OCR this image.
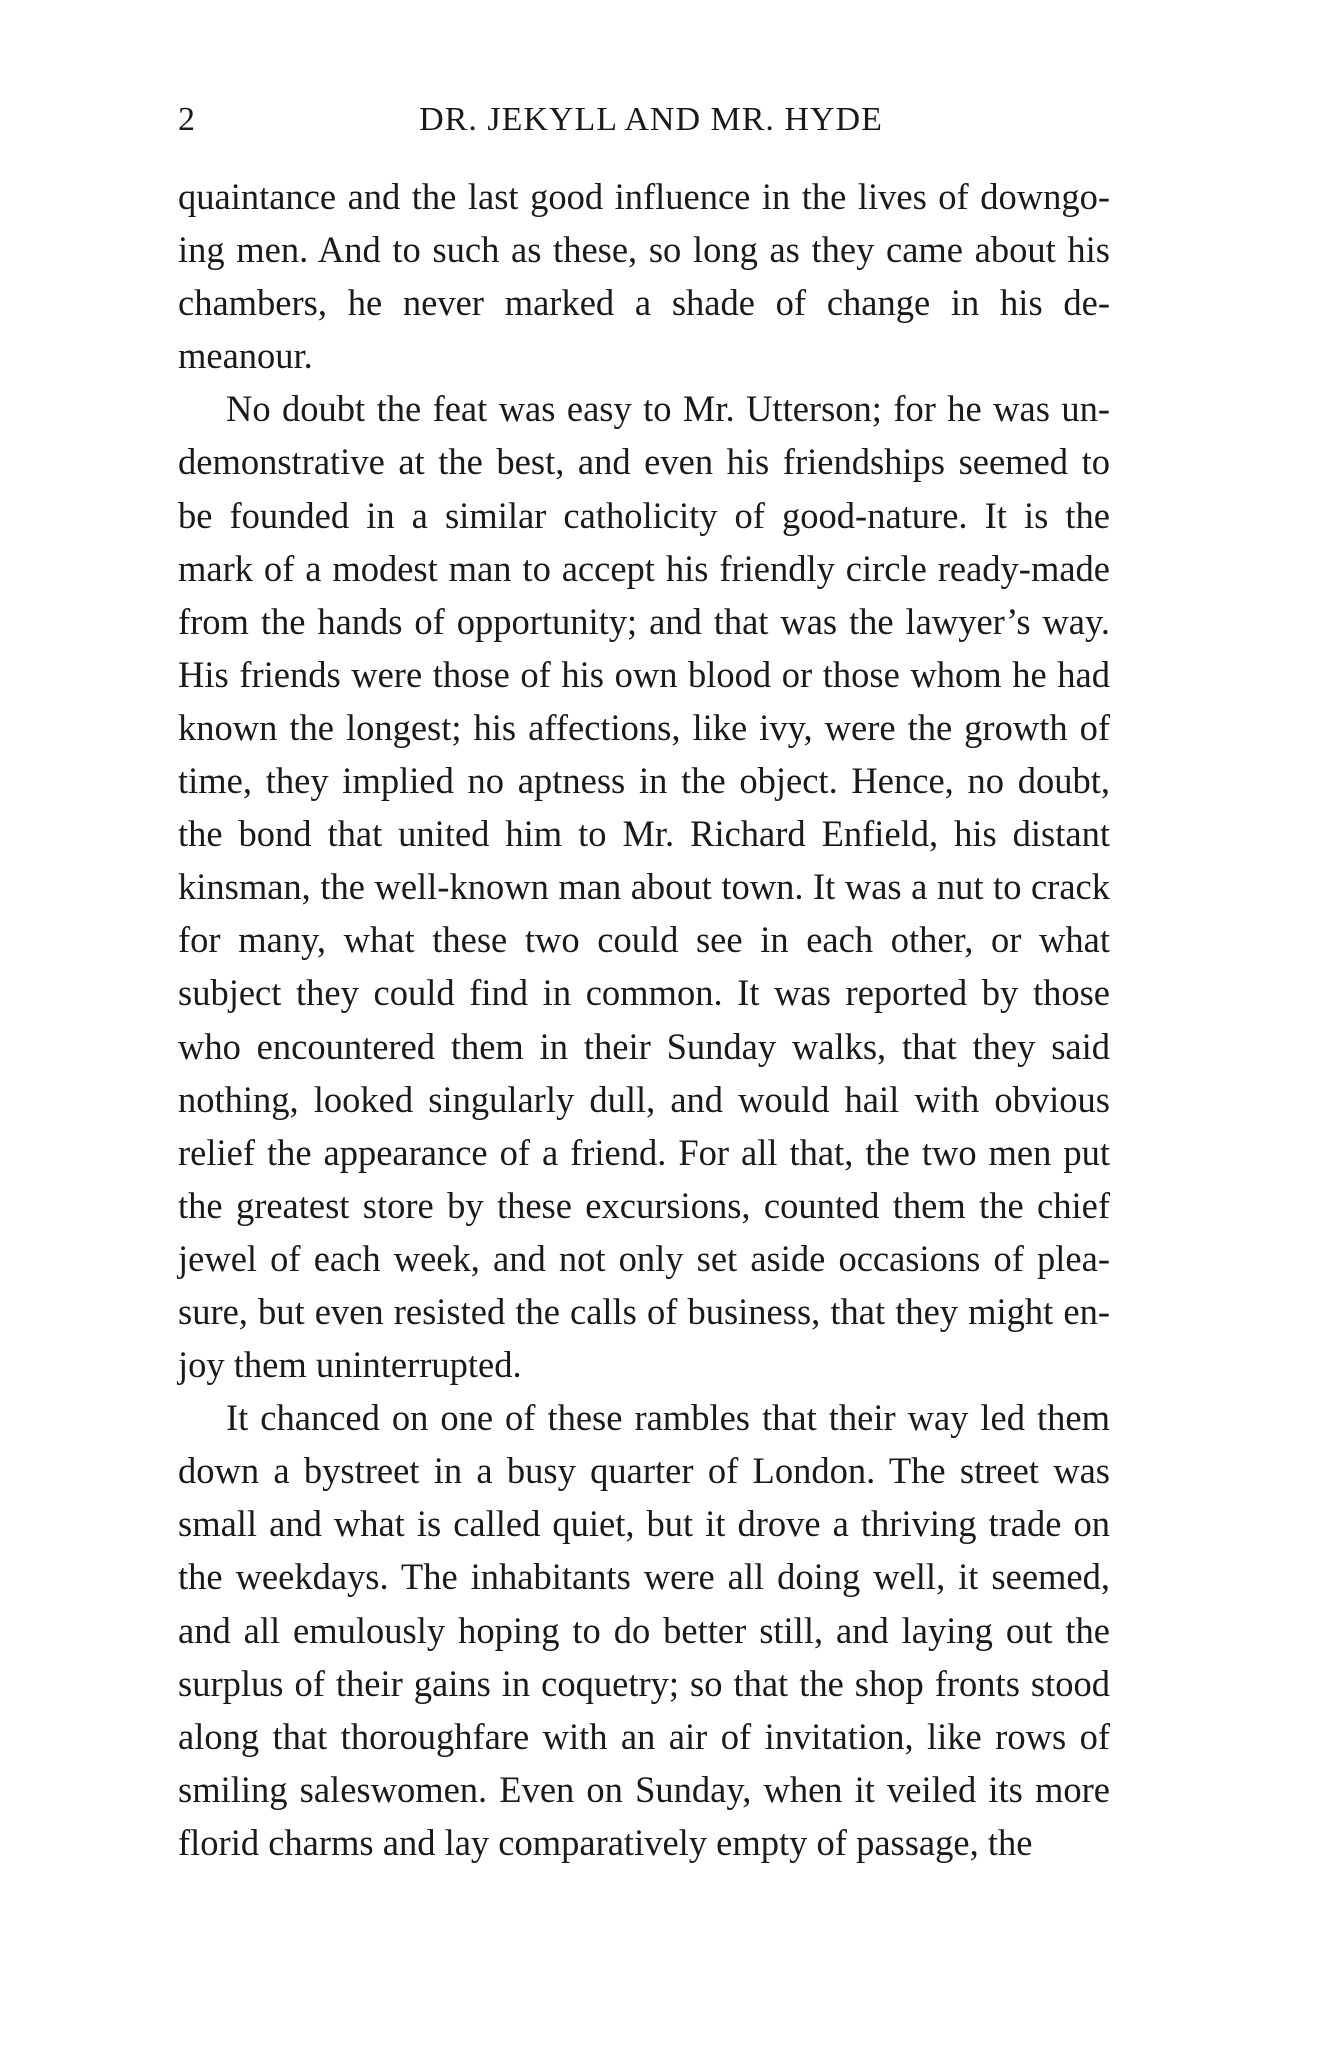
2	DR. JEKYLL AND MR. HYDE

quaintance and the last good influence in the lives of downgoing men. And to such as these, so long as they came about his chambers, he never marked a shade of change in his demeanour.

No doubt the feat was easy to Mr. Utterson; for he was undemonstrative at the best, and even his friendships seemed to be founded in a similar catholicity of good-nature. It is the mark of a modest man to accept his friendly circle ready-made from the hands of opportunity; and that was the lawyer’s way. His friends were those of his own blood or those whom he had known the longest; his affections, like ivy, were the growth of time, they implied no aptness in the object. Hence, no doubt, the bond that united him to Mr. Richard Enfield, his distant kinsman, the well-known man about town. It was a nut to crack for many, what these two could see in each other, or what subject they could find in common. It was reported by those who encountered them in their Sunday walks, that they said nothing, looked singularly dull, and would hail with obvious relief the appearance of a friend. For all that, the two men put the greatest store by these excursions, counted them the chief jewel of each week, and not only set aside occasions of pleasure, but even resisted the calls of business, that they might enjoy them uninterrupted.

It chanced on one of these rambles that their way led them down a bystreet in a busy quarter of London. The street was small and what is called quiet, but it drove a thriving trade on the weekdays. The inhabitants were all doing well, it seemed, and all emulously hoping to do better still, and laying out the surplus of their gains in coquetry; so that the shop fronts stood along that thoroughfare with an air of invitation, like rows of smiling saleswomen. Even on Sunday, when it veiled its more florid charms and lay comparatively empty of passage, the
